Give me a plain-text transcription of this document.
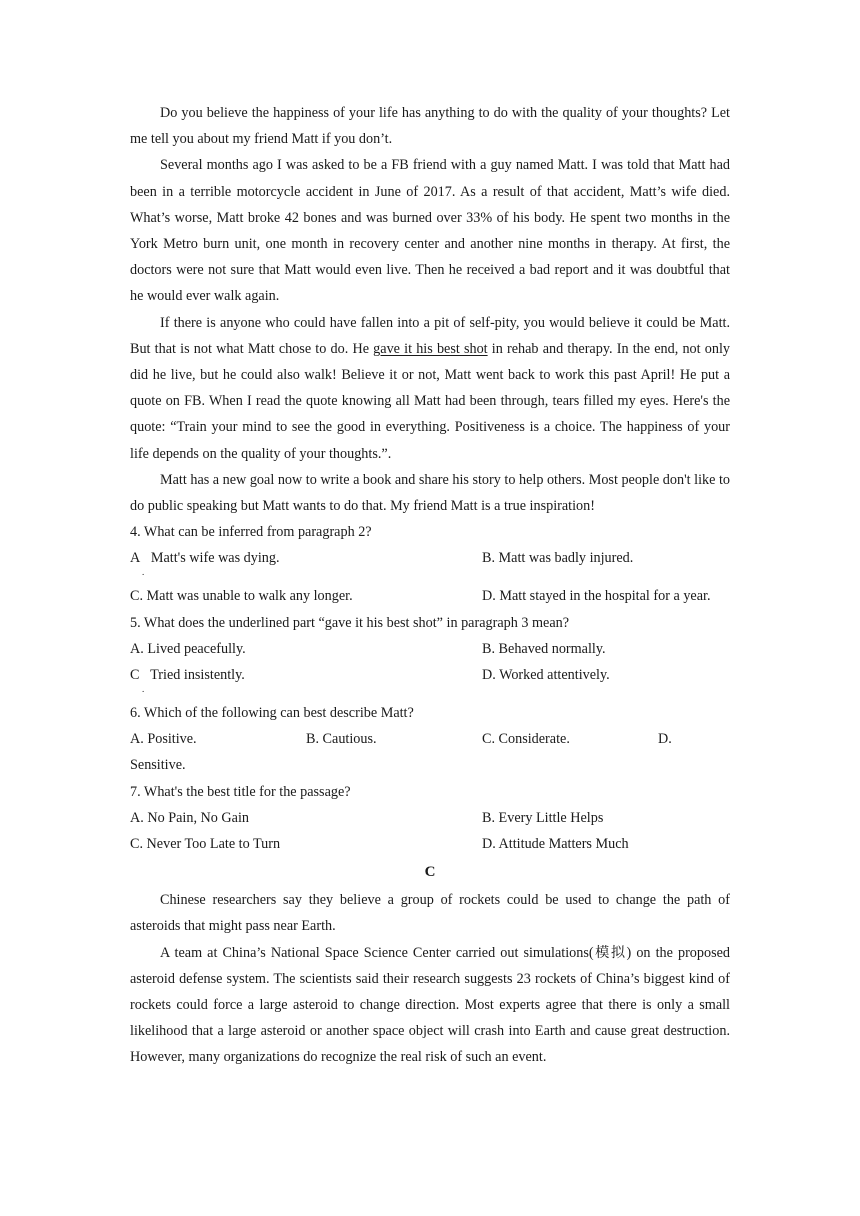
Do you believe the happiness of your life has anything to do with the quality of your thoughts? Let me tell you about my friend Matt if you don’t.

Several months ago I was asked to be a FB friend with a guy named Matt. I was told that Matt had been in a terrible motorcycle accident in June of 2017. As a result of that accident, Matt’s wife died. What’s worse, Matt broke 42 bones and was burned over 33% of his body. He spent two months in the York Metro burn unit, one month in recovery center and another nine months in therapy. At first, the doctors were not sure that Matt would even live. Then he received a bad report and it was doubtful that he would ever walk again.

If there is anyone who could have fallen into a pit of self-pity, you would believe it could be Matt. But that is not what Matt chose to do. He gave it his best shot in rehab and therapy. In the end, not only did he live, but he could also walk! Believe it or not, Matt went back to work this past April! He put a quote on FB. When I read the quote knowing all Matt had been through, tears filled my eyes. Here's the quote: “Train your mind to see the good in everything. Positiveness is a choice. The happiness of your life depends on the quality of your thoughts.”.

Matt has a new goal now to write a book and share his story to help others. Most people don't like to do public speaking but Matt wants to do that. My friend Matt is a true inspiration!

4. What can be inferred from paragraph 2?

A Matt's wife was dying.
.
B. Matt was badly injured.
C. Matt was unable to walk any longer.	D. Matt stayed in the hospital for a year.

5. What does the underlined part “gave it his best shot” in paragraph 3 mean?

A. Lived peacefully.	B. Behaved normally.
C Tried insistently.
.
D. Worked attentively.

6. Which of the following can best describe Matt?

A. Positive.	B. Cautious.	C. Considerate.	D.

Sensitive.

7. What's the best title for the passage?

A. No Pain, No Gain	B. Every Little Helps
C. Never Too Late to Turn	D. Attitude Matters Much

C

Chinese researchers say they believe a group of rockets could be used to change the path of asteroids that might pass near Earth.

A team at China’s National Space Science Center carried out simulations(模拟) on the proposed asteroid defense system. The scientists said their research suggests 23 rockets of China’s biggest kind of rockets could force a large asteroid to change direction. Most experts agree that there is only a small likelihood that a large asteroid or another space object will crash into Earth and cause great destruction. However, many organizations do recognize the real risk of such an event.
